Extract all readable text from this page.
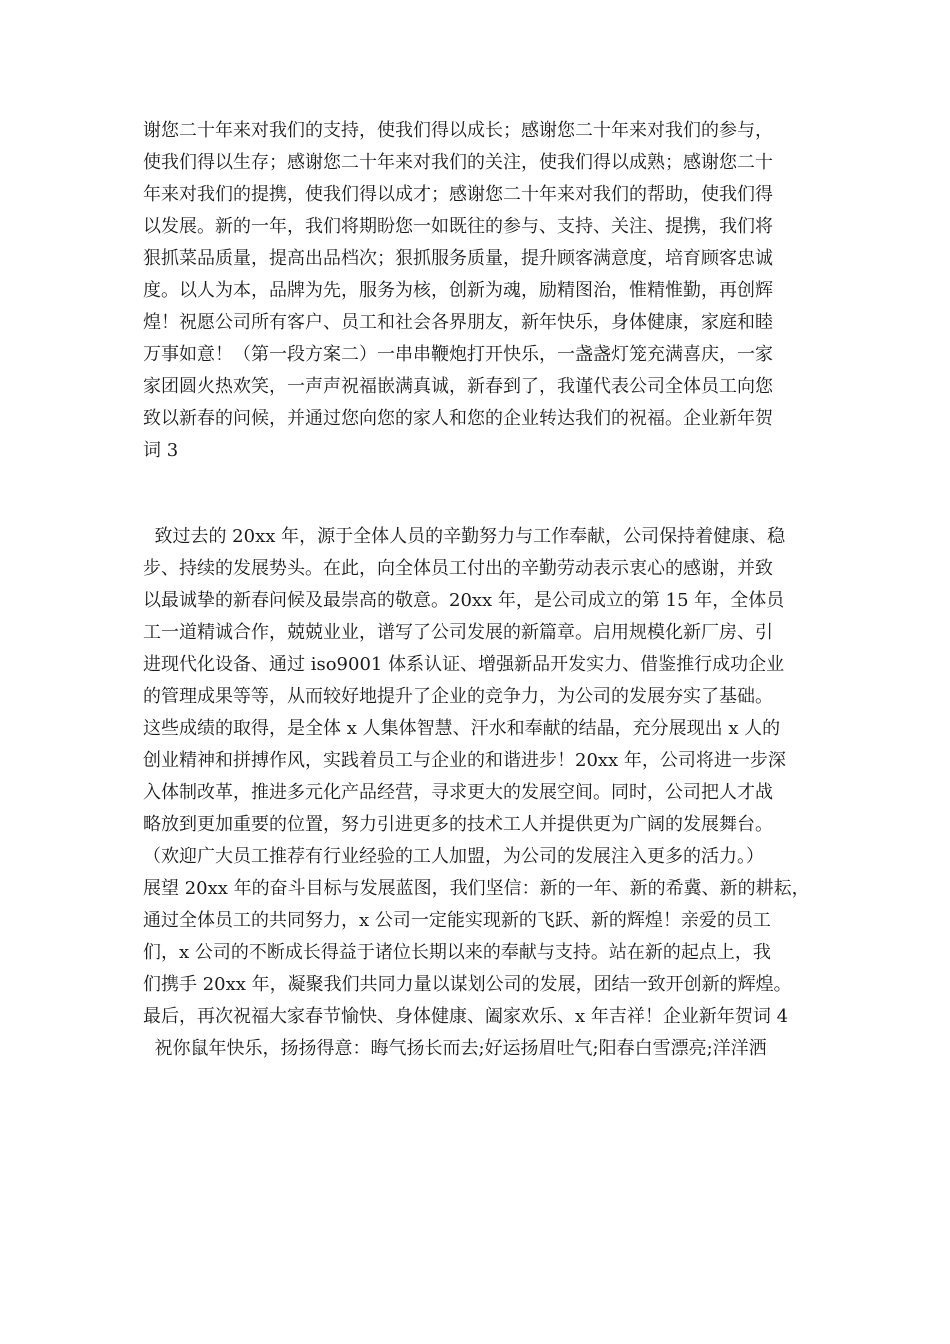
谢您二十年来对我们的支持，使我们得以成长；感谢您二十年来对我们的参与，
使我们得以生存；感谢您二十年来对我们的关注，使我们得以成熟；感谢您二十
年来对我们的提携，使我们得以成才；感谢您二十年来对我们的帮助，使我们得
以发展。新的一年，我们将期盼您一如既往的参与、支持、关注、提携，我们将
狠抓菜品质量，提高出品档次；狠抓服务质量，提升顾客满意度，培育顾客忠诚
度。以人为本，品牌为先，服务为核，创新为魂，励精图治，惟精惟勤，再创辉
煌！祝愿公司所有客户、员工和社会各界朋友，新年快乐，身体健康，家庭和睦
万事如意！（第一段方案二）一串串鞭炮打开快乐，一盏盏灯笼充满喜庆，一家
家团圆火热欢笑，一声声祝福嵌满真诚，新春到了，我谨代表公司全体员工向您
致以新春的问候，并通过您向您的家人和您的企业转达我们的祝福。企业新年贺
词 3
致过去的 20xx 年，源于全体人员的辛勤努力与工作奉献，公司保持着健康、稳
步、持续的发展势头。在此，向全体员工付出的辛勤劳动表示衷心的感谢，并致
以最诚挚的新春问候及最崇高的敬意。20xx 年，是公司成立的第 15 年，全体员
工一道精诚合作，兢兢业业，谱写了公司发展的新篇章。启用规模化新厂房、引
进现代化设备、通过 iso9001 体系认证、增强新品开发实力、借鉴推行成功企业
的管理成果等等，从而较好地提升了企业的竞争力，为公司的发展夯实了基础。
这些成绩的取得，是全体 x 人集体智慧、汗水和奉献的结晶，充分展现出 x 人的
创业精神和拼搏作风，实践着员工与企业的和谐进步！20xx 年，公司将进一步深
入体制改革，推进多元化产品经营，寻求更大的发展空间。同时，公司把人才战
略放到更加重要的位置，努力引进更多的技术工人并提供更为广阔的发展舞台。
（欢迎广大员工推荐有行业经验的工人加盟，为公司的发展注入更多的活力。）
展望 20xx 年的奋斗目标与发展蓝图，我们坚信：新的一年、新的希冀、新的耕耘，
通过全体员工的共同努力，x 公司一定能实现新的飞跃、新的辉煌！亲爱的员工
们，x 公司的不断成长得益于诸位长期以来的奉献与支持。站在新的起点上，我
们携手 20xx 年，凝聚我们共同力量以谋划公司的发展，团结一致开创新的辉煌。
最后，再次祝福大家春节愉快、身体健康、阖家欢乐、x 年吉祥！企业新年贺词 4
祝你鼠年快乐，扬扬得意：晦气扬长而去;好运扬眉吐气;阳春白雪漂亮;洋洋洒
